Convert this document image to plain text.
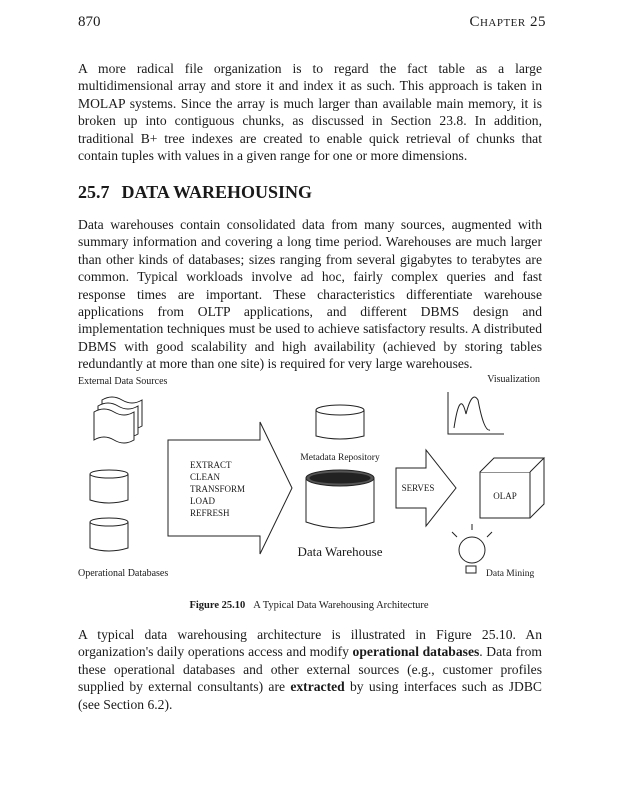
870	Chapter 25

A more radical file organization is to regard the fact table as a large multidimensional array and store it and index it as such. This approach is taken in MOLAP systems. Since the array is much larger than available main memory, it is broken up into contiguous chunks, as discussed in Section 23.8. In addition, traditional B+ tree indexes are created to enable quick retrieval of chunks that contain tuples with values in a given range for one or more dimensions.

25.7 DATA WAREHOUSING

Data warehouses contain consolidated data from many sources, augmented with summary information and covering a long time period. Warehouses are much larger than other kinds of databases; sizes ranging from several gigabytes to terabytes are common. Typical workloads involve ad hoc, fairly complex queries and fast response times are important. These characteristics differentiate warehouse applications from OLTP applications, and different DBMS design and implementation techniques must be used to achieve satisfactory results. A distributed DBMS with good scalability and high availability (achieved by storing tables redundantly at more than one site) is required for very large warehouses.

External Data Sources	Visualization
EXTRACT
CLEAN
TRANSFORM
LOAD
REFRESH
Metadata Repository
Data Warehouse
SERVES
OLAP
Data Mining
Operational Databases
Figure 25.10 A Typical Data Warehousing Architecture

A typical data warehousing architecture is illustrated in Figure 25.10. An organization's daily operations access and modify operational databases. Data from these operational databases and other external sources (e.g., customer profiles supplied by external consultants) are extracted by using interfaces such as JDBC (see Section 6.2).
